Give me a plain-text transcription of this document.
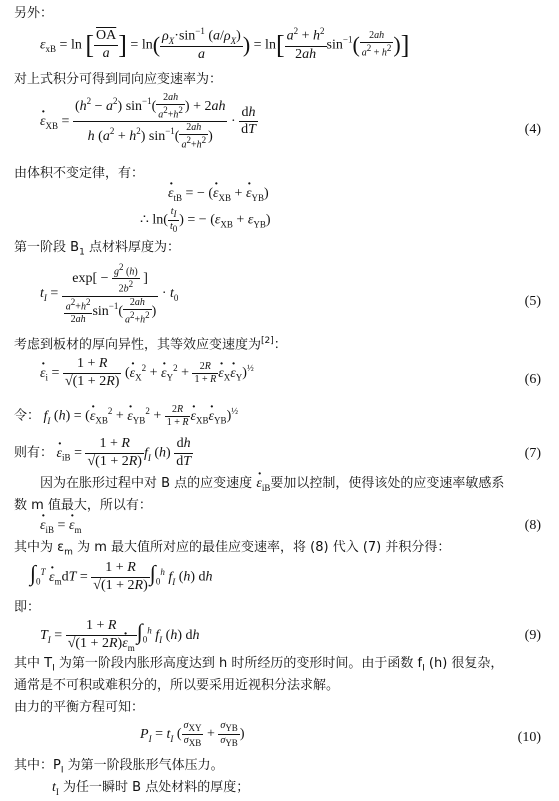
另外：
$\varepsilon_{xB} = \ln$ [ $\frac{\overline{OA}}{a}$ ] = $\ln( \frac{\rho_X\cdot\sin^{-1} (a/\rho_X)}{a}$ ) = $\ln[ \frac{a^2 + h^2}{2ah} \sin^{-1}( \frac{2ah}{a^2 + h^2}$ )]
对上式积分可得到同向应变速率为：
· $\varepsilon_{XB} = \frac{(h^2 - a^2) \sin^{-1}( \frac{2ah}{a^2+h^2} ) + 2ah}{h (a^2 + h^2) \sin^{-1}( \frac{2ah}{a^2+h^2} )} \cdot \frac{dh}{dT}$	(4)
由体积不变定律，有：
· $\varepsilon_{tB}$ = − (· $\varepsilon_{XB}$ + · $\varepsilon_{YB}$)
∴ $\ln( \frac{t_I}{t_0}$ ) = − $(\varepsilon_{XB} + \varepsilon_{YB})$
第一阶段 $B_1$ 点材料厚度为：
$t_I = \frac{\exp[ - \frac{g^2 (h)}{2b^2} ]}{\frac{a^2+h^2}{2ah} \sin^{-1}( \frac{2ah}{a^2+h^2} )} \cdot t_0$	(5)
考虑到板材的厚向异性，其等效应变速度为[2]：
· $\varepsilon_i = \frac{1 + R}{√(1 + 2R)}$ (· $\varepsilon_X^2$ + · $\varepsilon_Y^2 + \frac{2R}{1 + R} \cdot \varepsilon_X\cdot \varepsilon_Y)^{\frac{1}{2}}$
(6)
令： $f_I$ (h) = (· $\varepsilon_{XB}^2$ + · $\varepsilon_{YB}^2 + \frac{2R}{1 + R} \cdot \varepsilon_{XB}\cdot \varepsilon_{YB})^{\frac{1}{2}}$
则有： · $\varepsilon_{iB} = \frac{1 + R}{√(1 + 2R)} f_I$ $(h) \frac{dh}{dT}$	(7)
因为在胀形过程中对 B 点的应变速度 · $\varepsilon_{iB}$要加以控制，使得该处的应变速率敏感系
数 m 值最大，所以有：
· $\varepsilon_{iB}$ = · $\varepsilon_m$	(8)
其中为 $\varepsilon_m$ 为 m 最大值所对应的最佳应变速率，将 (8) 代入 (7) 并积分得：
$\int_0^T \cdot \varepsilon_mdT = \frac{1 + R}{√(1 + 2R)} \int_0^h$ $f_I$ (h) dh
即：
$T_I = \frac{1 + R}{√(1 + 2R)\cdot \varepsilon_m} \int_0^h$ $f_I$ (h) dh	(9)
其中 $T_I$ 为第一阶段内胀形高度达到 h 时所经历的变形时间。由于函数 $f_I$ (h) 很复杂，
通常是不可积或难积分的，所以要采用近视积分法求解。
由力的平衡方程可知：
$P_I = t_I$ ( $\frac{\sigma_{XY}}{\sigma_{XB}} + \frac{\sigma_{YB}}{\sigma_{YB}}$ )	(10)
其中：$P_I$ 为第一阶段胀形气体压力。
$t_I$ 为任一瞬时 B 点处材料的厚度；
